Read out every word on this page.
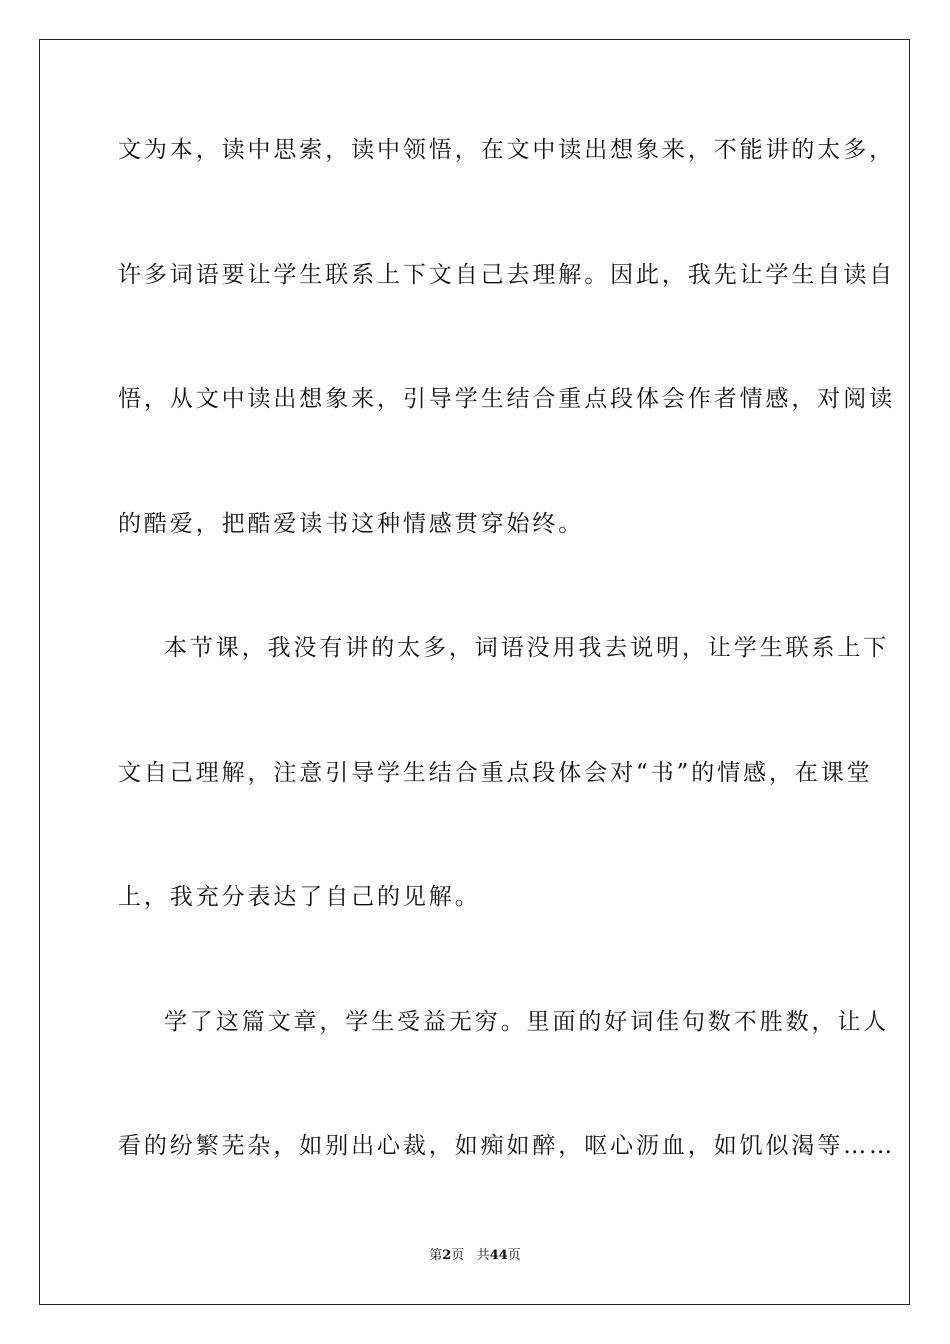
文为本，读中思索，读中领悟，在文中读出想象来，不能讲的太多，
许多词语要让学生联系上下文自己去理解。因此，我先让学生自读自
悟，从文中读出想象来，引导学生结合重点段体会作者情感，对阅读
的酷爱，把酷爱读书这种情感贯穿始终。
本节课，我没有讲的太多，词语没用我去说明，让学生联系上下
文自己理解，注意引导学生结合重点段体会对“书”的情感，在课堂
上，我充分表达了自己的见解。
学了这篇文章，学生受益无穷。里面的好词佳句数不胜数，让人
看的纷繁芜杂，如别出心裁，如痴如醉，呕心沥血，如饥似渴等……
第2页 共44页
